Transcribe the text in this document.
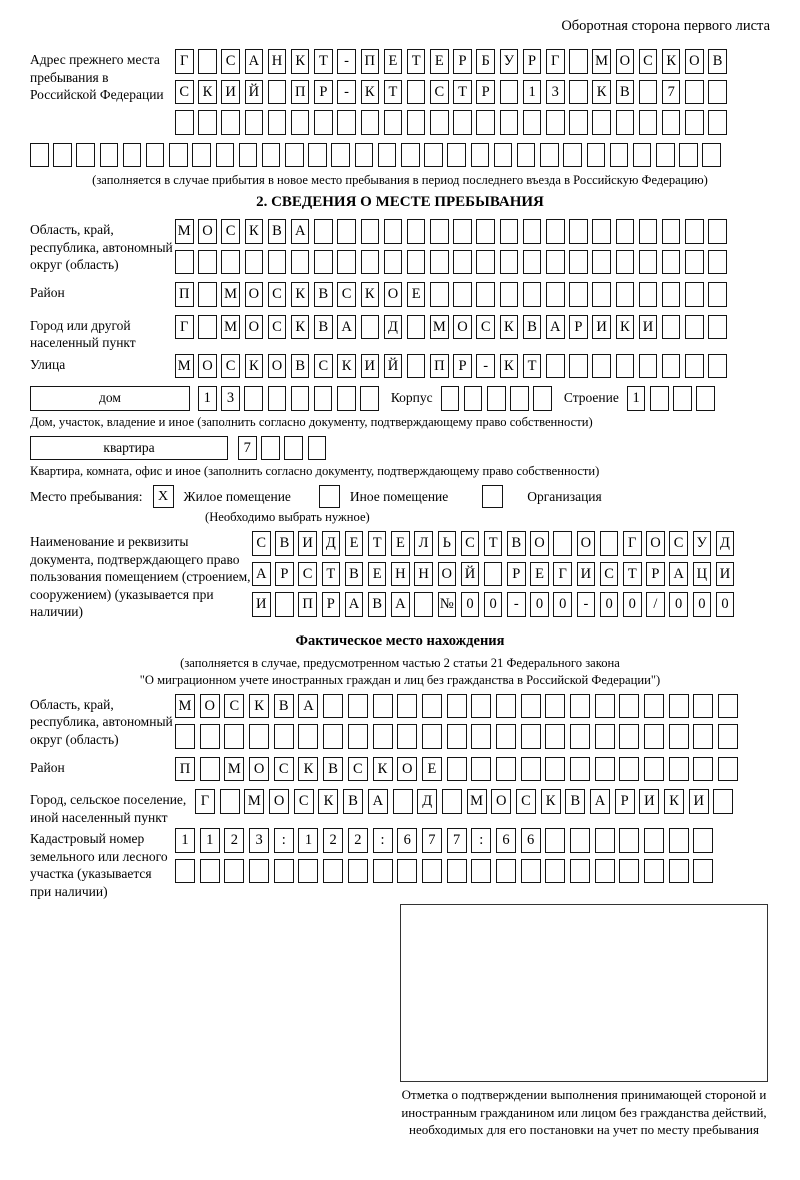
Оборотная сторона первого листа
Адрес прежнего места пребывания в Российской Федерации
Г	С А Н К Т	-	П Е Т Е	Р	Б У Р	Г	М О С К О В
С К И Й П Р	-	К Т	С Т	Р	1	3	К В	7
(заполняется в случае прибытия в новое место пребывания в период последнего въезда в Российскую Федерацию)
2. СВЕДЕНИЯ О МЕСТЕ ПРЕБЫВАНИЯ
Область, край, республика, автономный округ (область)
М О С К В А
Район	П М О С К В С К О Е
Город или другой населенный пункт
Г	М О С К В А Д М О С К В А Р И К И
Улица	М О С К О В С К И Й П Р	-	К Т
дом	1	3	Корпус	Строение 1
Дом, участок, владение и иное (заполнить согласно документу, подтверждающему право собственности)
квартира	7
Квартира, комната, офис и иное (заполнить согласно документу, подтверждающему право собственности)
Место пребывания:	X	Жилое помещение	Иное помещение	Организация
(Необходимо выбрать нужное)
Наименование и реквизиты документа, подтверждающего право пользования помещением (строением, сооружением) (указывается при наличии)
С В И Д Е Т Е Л Ь С Т В О О	Г О С У Д
А Р С Т В Е Н Н О Й	Р	Е	Г И С Т	Р А Ц И
И П Р А В А № 0	0	-	0	0	-	0	0	/	0	0	0
Фактическое место нахождения
(заполняется в случае, предусмотренном частью 2 статьи 21 Федерального закона
"О миграционном учете иностранных граждан и лиц без гражданства в Российской Федерации")
Область, край, республика, автономный округ (область)
М О	С	К	В	А
Район	П	М О	С	К	В	С	К	О	Е
Город, сельское поселение, иной населенный пункт
Г	М О	С	К	В	А	Д	М О	С	К	В	А	Р	И	К	И
Кадастровый номер земельного или лесного участка (указывается при наличии)
1	1	2	3	:	1	2	2	:	6	7	7	:	6	6
Отметка о подтверждении выполнения принимающей стороной и иностранным гражданином или лицом без гражданства действий, необходимых для его постановки на учет по месту пребывания
